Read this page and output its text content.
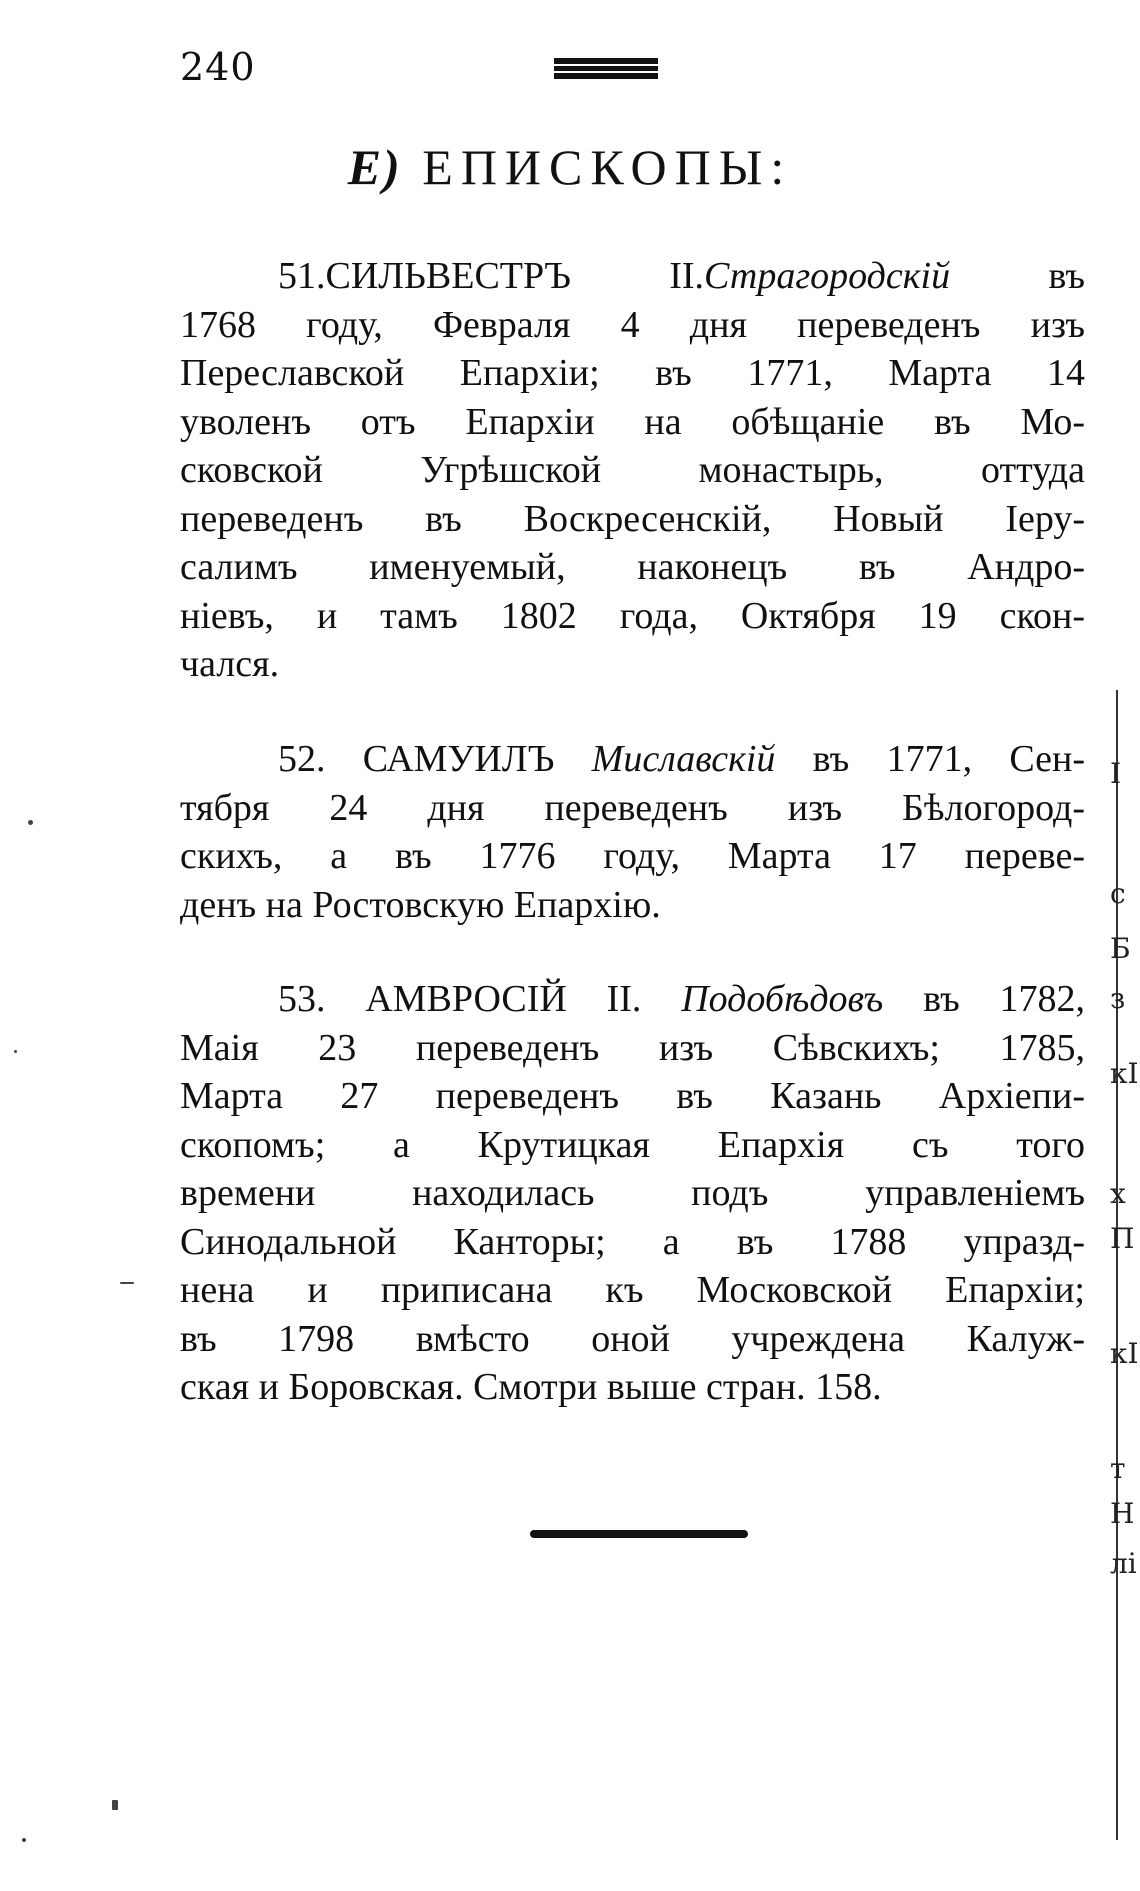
240
Е) ЕПИСКОПЫ:
51.СИЛЬВЕСТРЪ II.Страгородскій въ
1768 году, Февраля 4 дня переведенъ изъ
Переславской Епархіи; въ 1771, Марта 14
уволенъ отъ Епархіи на обѣщаніе въ Мо-
сковской Угрѣшской монастырь, оттуда
переведенъ въ Воскресенскій, Новый Іеру-
салимъ именуемый, наконецъ въ Андро-
ніевъ, и тамъ 1802 года, Октября 19 скон-
чался.
52. САМУИЛЪ Миславскій въ 1771, Сен-
тября 24 дня переведенъ изъ Бѣлогород-
скихъ, а въ 1776 году, Марта 17 переве-
денъ на Ростовскую Епархію.
53. АМВРОСІЙ II. Подобѣдовъ въ 1782,
Маія 23 переведенъ изъ Сѣвскихъ; 1785,
Марта 27 переведенъ въ Казань Архіепи-
скопомъ; а Крутицкая Епархія съ того
времени находилась подъ управленіемъ
Синодальной Канторы; а въ 1788 упразд-
нена и приписана къ Московской Епархіи;
въ 1798 вмѣсто оной учреждена Калуж-
ская и Боровская. Смотри выше стран. 158.
І
с
Б
з
кІ
х
П
кІ
т
Н
лі
